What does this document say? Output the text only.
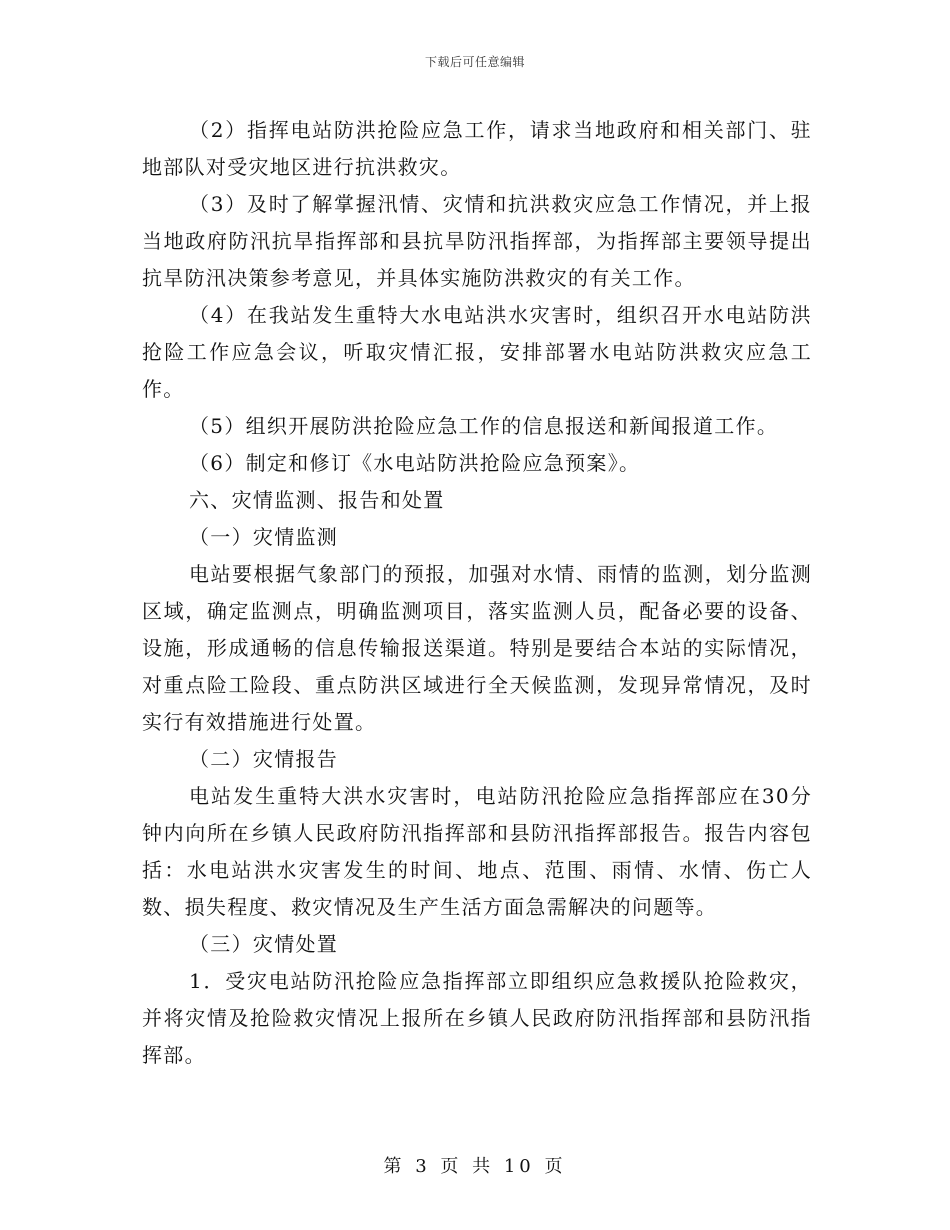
下载后可任意编辑

（2）指挥电站防洪抢险应急工作，请求当地政府和相关部门、驻地部队对受灾地区进行抗洪救灾。

（3）及时了解掌握汛情、灾情和抗洪救灾应急工作情况，并上报当地政府防汛抗旱指挥部和县抗旱防汛指挥部，为指挥部主要领导提出抗旱防汛决策参考意见，并具体实施防洪救灾的有关工作。

（4）在我站发生重特大水电站洪水灾害时，组织召开水电站防洪抢险工作应急会议，听取灾情汇报，安排部署水电站防洪救灾应急工作。

（5）组织开展防洪抢险应急工作的信息报送和新闻报道工作。

（6）制定和修订《水电站防洪抢险应急预案》。

六、灾情监测、报告和处置

（一）灾情监测

电站要根据气象部门的预报，加强对水情、雨情的监测，划分监测区域，确定监测点，明确监测项目，落实监测人员，配备必要的设备、设施，形成通畅的信息传输报送渠道。特别是要结合本站的实际情况，对重点险工险段、重点防洪区域进行全天候监测，发现异常情况，及时实行有效措施进行处置。

（二）灾情报告

电站发生重特大洪水灾害时，电站防汛抢险应急指挥部应在30分钟内向所在乡镇人民政府防汛指挥部和县防汛指挥部报告。报告内容包括：水电站洪水灾害发生的时间、地点、范围、雨情、水情、伤亡人数、损失程度、救灾情况及生产生活方面急需解决的问题等。

（三）灾情处置

1．受灾电站防汛抢险应急指挥部立即组织应急救援队抢险救灾，并将灾情及抢险救灾情况上报所在乡镇人民政府防汛指挥部和县防汛指挥部。

第 3 页 共 10 页
